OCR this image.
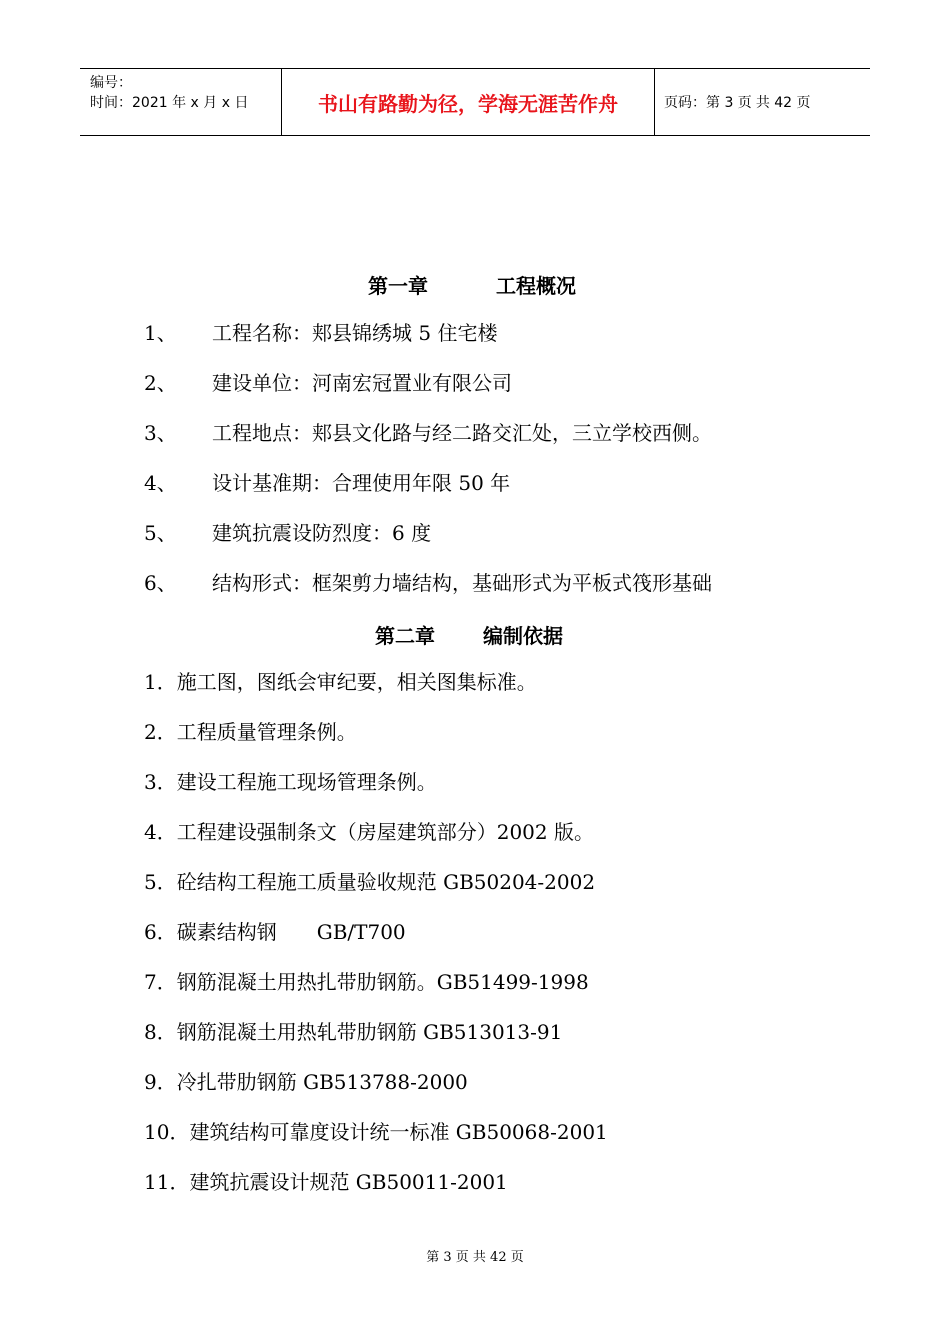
编号：
时间：2021 年 x 月 x 日	书山有路勤为径，学海无涯苦作舟	页码：第 3 页 共 42 页
第一章	工程概况
1、 工程名称：郏县锦绣城 5 住宅楼
2、 建设单位：河南宏冠置业有限公司
3、 工程地点：郏县文化路与经二路交汇处，三立学校西侧。
4、 设计基准期：合理使用年限 50 年
5、 建筑抗震设防烈度：6 度
6、 结构形式：框架剪力墙结构，基础形式为平板式筏形基础
第二章 编制依据
1．施工图，图纸会审纪要，相关图集标准。
2．工程质量管理条例。
3．建设工程施工现场管理条例。
4．工程建设强制条文（房屋建筑部分）2002 版。
5．砼结构工程施工质量验收规范 GB50204-2002
6．碳素结构钢　　GB/T700
7．钢筋混凝土用热扎带肋钢筋。GB51499-1998
8．钢筋混凝土用热轧带肋钢筋 GB513013-91
9．冷扎带肋钢筋 GB513788-2000
10．建筑结构可靠度设计统一标准 GB50068-2001
11．建筑抗震设计规范 GB50011-2001
第 3 页 共 42 页
